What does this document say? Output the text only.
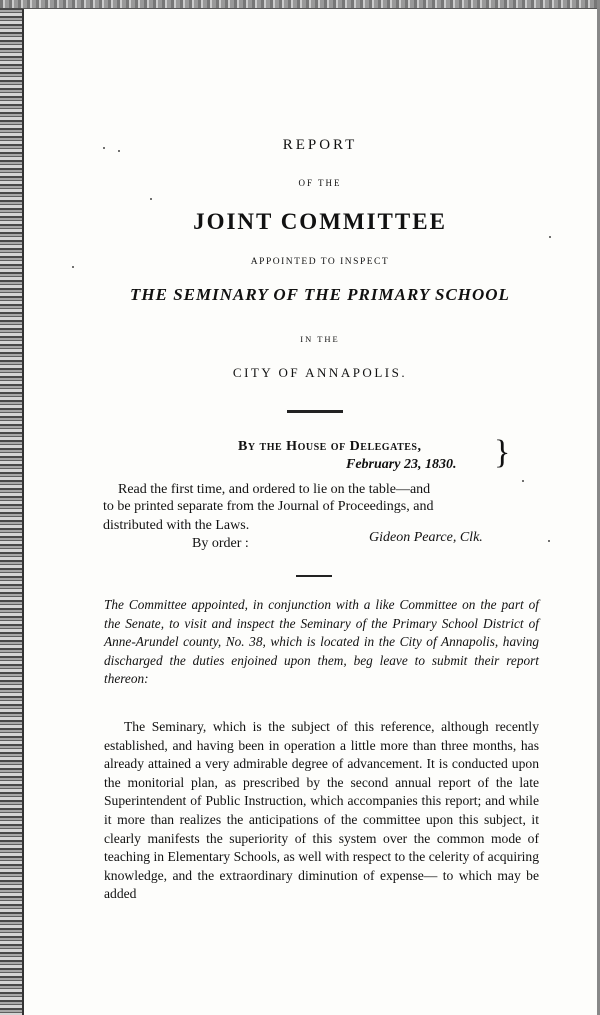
REPORT
OF THE
JOINT COMMITTEE
APPOINTED TO INSPECT
THE SEMINARY OF THE PRIMARY SCHOOL
IN THE
CITY OF ANNAPOLIS.
By the House of Delegates,
February 23, 1830. }
Read the first time, and ordered to lie on the table—and
to be printed separate from the Journal of Proceedings, and
distributed with the Laws.
By order :	Gideon Pearce, Clk.
The Committee appointed, in conjunction with a like Committee on the part of the Senate, to visit and inspect the Seminary of the Primary School District of Anne-Arundel county, No. 38, which is located in the City of Annapolis, having discharged the duties enjoined upon them, beg leave to submit their report thereon:
The Seminary, which is the subject of this reference, although recently established, and having been in operation a little more than three months, has already attained a very admirable degree of advancement. It is conducted upon the monitorial plan, as prescribed by the second annual report of the late Superintendent of Public Instruction, which accompanies this report; and while it more than realizes the anticipations of the committee upon this subject, it clearly manifests the superiority of this system over the common mode of teaching in Elementary Schools, as well with respect to the celerity of acquiring knowledge, and the extraordinary diminution of expense— to which may be added
